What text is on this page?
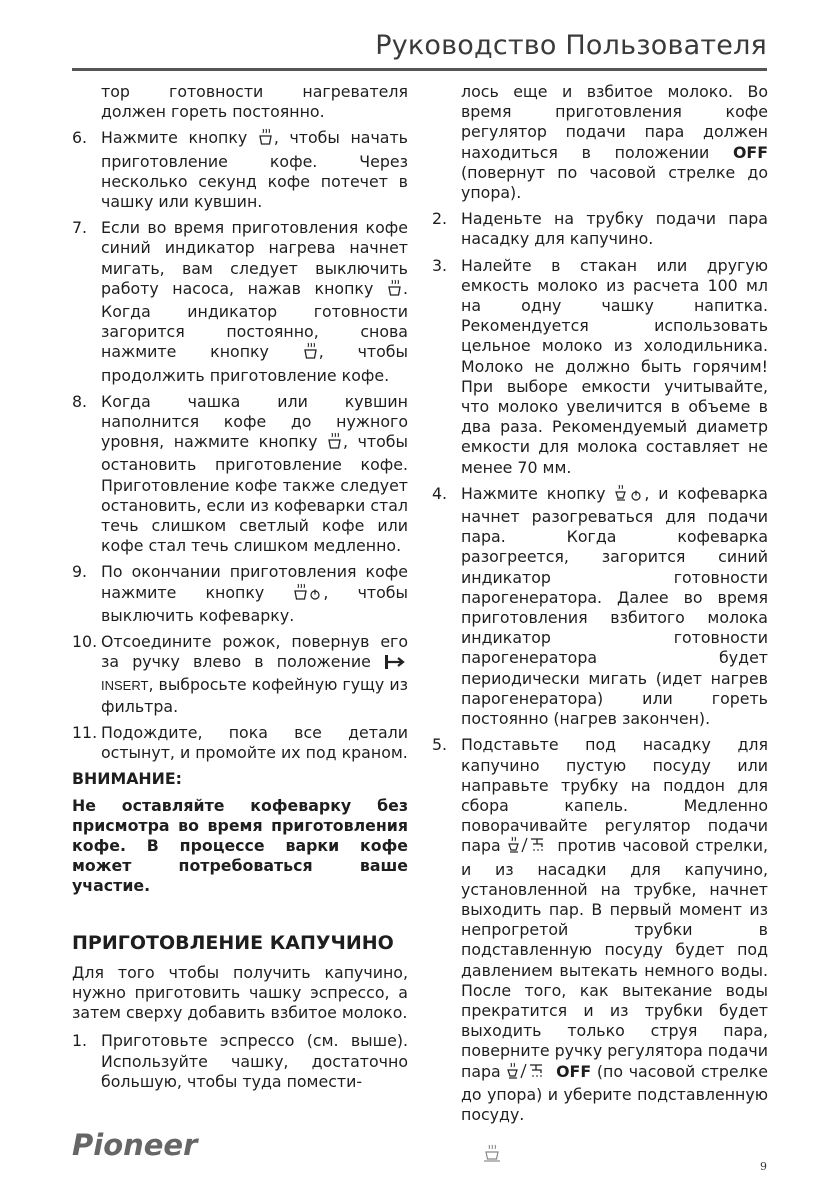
Руководство Пользователя

тор готовности нагревателя должен гореть постоянно.

6. Нажмите кнопку , чтобы начать приготовление кофе. Через несколько секунд кофе потечет в чашку или кувшин.
7. Если во время приготовления кофе синий индикатор нагрева начнет мигать, вам следует выключить работу насоса, нажав кнопку . Когда индикатор готовности загорится постоянно, снова нажмите кнопку	, чтобы продолжить приготовление кофе.
8. Когда чашка или кувшин наполнится кофе до нужного уровня, нажмите кнопку , чтобы остановить приготовление кофе. Приготовление кофе также следует остановить, если из кофеварки стал течь слишком светлый кофе или кофе стал течь слишком медленно.
9. По окончании приготовления кофе нажмите кнопку	, чтобы выключить кофеварку.
10. Отсоедините рожок, повернув его за ручку влево в положение INSERT, выбросьте кофейную гущу из фильтра.
11. Подождите, пока все детали остынут, и промойте их под краном.
ВНИМАНИЕ:
Не оставляйте кофеварку без присмотра во время приготовления кофе. В процессе варки кофе может потребоваться ваше участие.
ПРИГОТОВЛЕНИЕ КАПУЧИНО

Для того чтобы получить капучино, нужно приготовить чашку эспрессо, а затем сверху добавить взбитое молоко.

1. Приготовьте эспрессо (см. выше). Используйте чашку, достаточно большую, чтобы туда помести-

лось еще и взбитое молоко. Во время приготовления кофе регулятор подачи пара должен находиться в положении OFF (повернут по часовой стрелке до упора).

2. Наденьте на трубку подачи пара насадку для капучино.
3. Налейте в стакан или другую емкость молоко из расчета 100 мл на одну чашку напитка. Рекомендуется использовать цельное молоко из холодильника. Молоко не должно быть горячим! При выборе емкости учитывайте, что молоко увеличится в объеме в два раза. Рекомендуемый диаметр емкости для молока составляет не менее 70 мм.
4. Нажмите кнопку , и кофеварка начнет разогреваться для подачи пара. Когда кофеварка разогреется, загорится синий индикатор готовности парогенератора. Далее во время приготовления взбитого молока индикатор готовности парогенератора будет периодически мигать (идет нагрев парогенератора) или гореть постоянно (нагрев закончен).
5. Подставьте под насадку для капучино пустую посуду или направьте трубку на поддон для сбора капель. Медленно поворачивайте регулятор подачи пара	против часовой стрелки, и из насадки для капучино, установленной на трубке, начнет выходить пар. В первый момент из непрогретой трубки в подставленную посуду будет под давлением вытекать немного воды. После того, как вытекание воды прекратится и из трубки будет выходить только струя пара, поверните ручку регулятора подачи пара	OFF (по часовой стрелке до упора) и уберите подставленную посуду.
Pioneer
9
